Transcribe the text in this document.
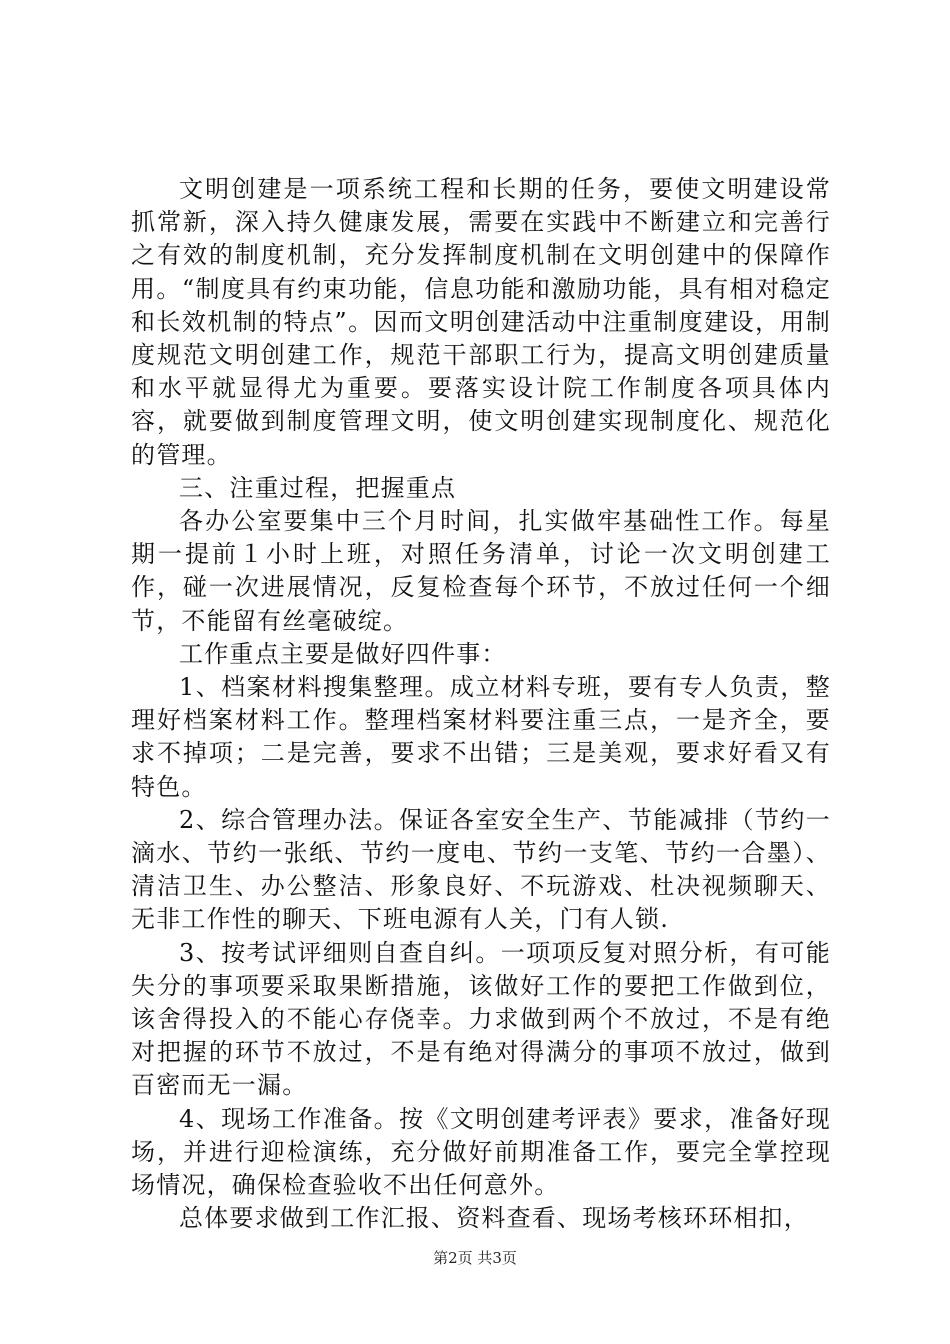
文明创建是一项系统工程和长期的任务，要使文明建设常抓常新，深入持久健康发展，需要在实践中不断建立和完善行之有效的制度机制，充分发挥制度机制在文明创建中的保障作用。“制度具有约束功能，信息功能和激励功能，具有相对稳定和长效机制的特点”。因而文明创建活动中注重制度建设，用制度规范文明创建工作，规范干部职工行为，提高文明创建质量和水平就显得尤为重要。要落实设计院工作制度各项具体内容，就要做到制度管理文明，使文明创建实现制度化、规范化的管理。

三、注重过程，把握重点

各办公室要集中三个月时间，扎实做牢基础性工作。每星期一提前１小时上班，对照任务清单，讨论一次文明创建工作，碰一次进展情况，反复检查每个环节，不放过任何一个细节，不能留有丝毫破绽。

工作重点主要是做好四件事：

1、档案材料搜集整理。成立材料专班，要有专人负责，整理好档案材料工作。整理档案材料要注重三点，一是齐全，要求不掉项；二是完善，要求不出错；三是美观，要求好看又有特色。

2、综合管理办法。保证各室安全生产、节能减排（节约一滴水、节约一张纸、节约一度电、节约一支笔、节约一合墨）、清洁卫生、办公整洁、形象良好、不玩游戏、杜决视频聊天、无非工作性的聊天、下班电源有人关，门有人锁.

3、按考试评细则自查自纠。一项项反复对照分析，有可能失分的事项要采取果断措施，该做好工作的要把工作做到位，该舍得投入的不能心存侥幸。力求做到两个不放过，不是有绝对把握的环节不放过，不是有绝对得满分的事项不放过，做到百密而无一漏。

4、现场工作准备。按《文明创建考评表》要求，准备好现场，并进行迎检演练，充分做好前期准备工作，要完全掌控现场情况，确保检查验收不出任何意外。

总体要求做到工作汇报、资料查看、现场考核环环相扣，

第2页 共3页
